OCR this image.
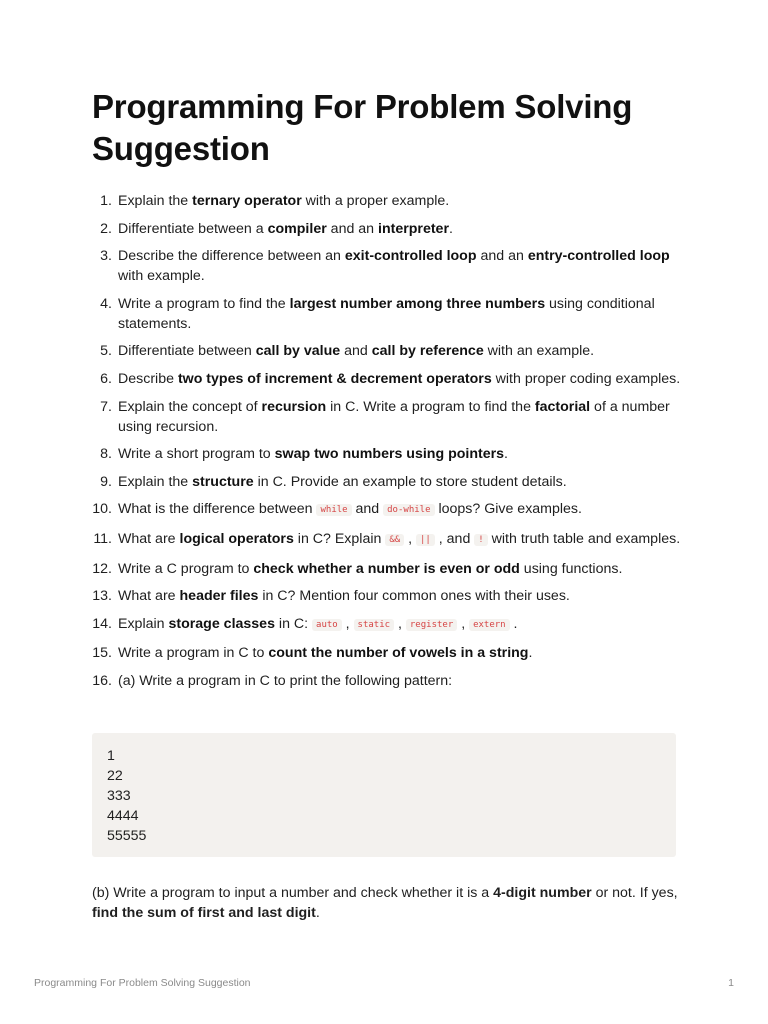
Programming For Problem Solving Suggestion
1. Explain the ternary operator with a proper example.
2. Differentiate between a compiler and an interpreter.
3. Describe the difference between an exit-controlled loop and an entry-controlled loop with example.
4. Write a program to find the largest number among three numbers using conditional statements.
5. Differentiate between call by value and call by reference with an example.
6. Describe two types of increment & decrement operators with proper coding examples.
7. Explain the concept of recursion in C. Write a program to find the factorial of a number using recursion.
8. Write a short program to swap two numbers using pointers.
9. Explain the structure in C. Provide an example to store student details.
10. What is the difference between while and do-while loops? Give examples.
11. What are logical operators in C? Explain && , || , and ! with truth table and examples.
12. Write a C program to check whether a number is even or odd using functions.
13. What are header files in C? Mention four common ones with their uses.
14. Explain storage classes in C: auto , static , register , extern .
15. Write a program in C to count the number of vowels in a string.
16. (a) Write a program in C to print the following pattern:
1
22
333
4444
55555

(b) Write a program to input a number and check whether it is a 4-digit number or not. If yes, find the sum of first and last digit.

Programming For Problem Solving Suggestion	1
